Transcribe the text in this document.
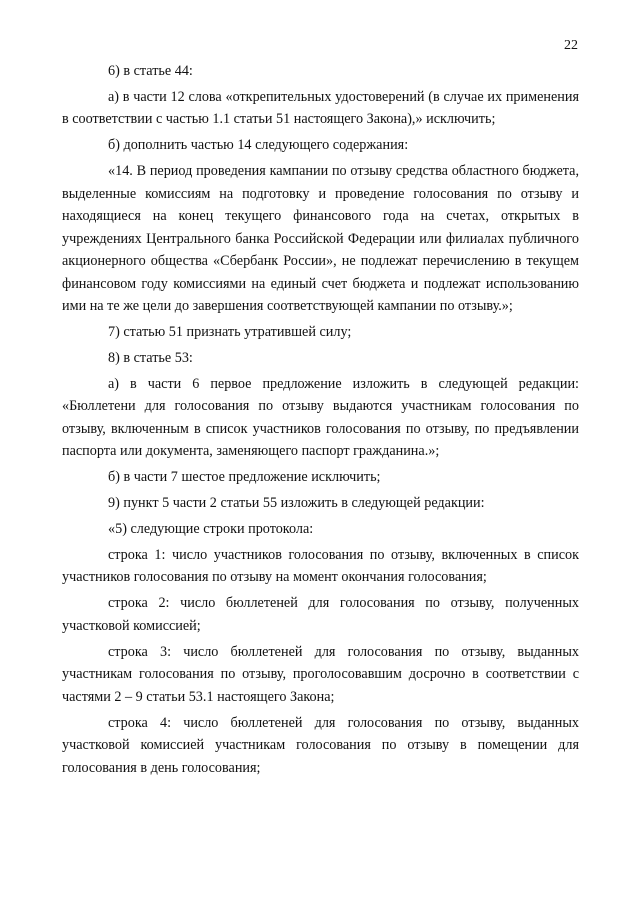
22

6) в статье 44:

а) в части 12 слова «открепительных удостоверений (в случае их применения в соответствии с частью 1.1 статьи 51 настоящего Закона),» исключить;

б) дополнить частью 14 следующего содержания:

«14. В период проведения кампании по отзыву средства областного бюджета, выделенные комиссиям на подготовку и проведение голосования по отзыву и находящиеся на конец текущего финансового года на счетах, открытых в учреждениях Центрального банка Российской Федерации или филиалах публичного акционерного общества «Сбербанк России», не подлежат перечислению в текущем финансовом году комиссиями на единый счет бюджета и подлежат использованию ими на те же цели до завершения соответствующей кампании по отзыву.»;

7) статью 51 признать утратившей силу;

8) в статье 53:

а) в части 6 первое предложение изложить в следующей редакции: «Бюллетени для голосования по отзыву выдаются участникам голосования по отзыву, включенным в список участников голосования по отзыву, по предъявлении паспорта или документа, заменяющего паспорт гражданина.»;

б) в части 7 шестое предложение исключить;

9) пункт 5 части 2 статьи 55 изложить в следующей редакции:

«5) следующие строки протокола:

строка 1: число участников голосования по отзыву, включенных в список участников голосования по отзыву на момент окончания голосования;

строка 2: число бюллетеней для голосования по отзыву, полученных участковой комиссией;

строка 3: число бюллетеней для голосования по отзыву, выданных участникам голосования по отзыву, проголосовавшим досрочно в соответствии с частями 2 – 9 статьи 53.1 настоящего Закона;

строка 4: число бюллетеней для голосования по отзыву, выданных участковой комиссией участникам голосования по отзыву в помещении для голосования в день голосования;
